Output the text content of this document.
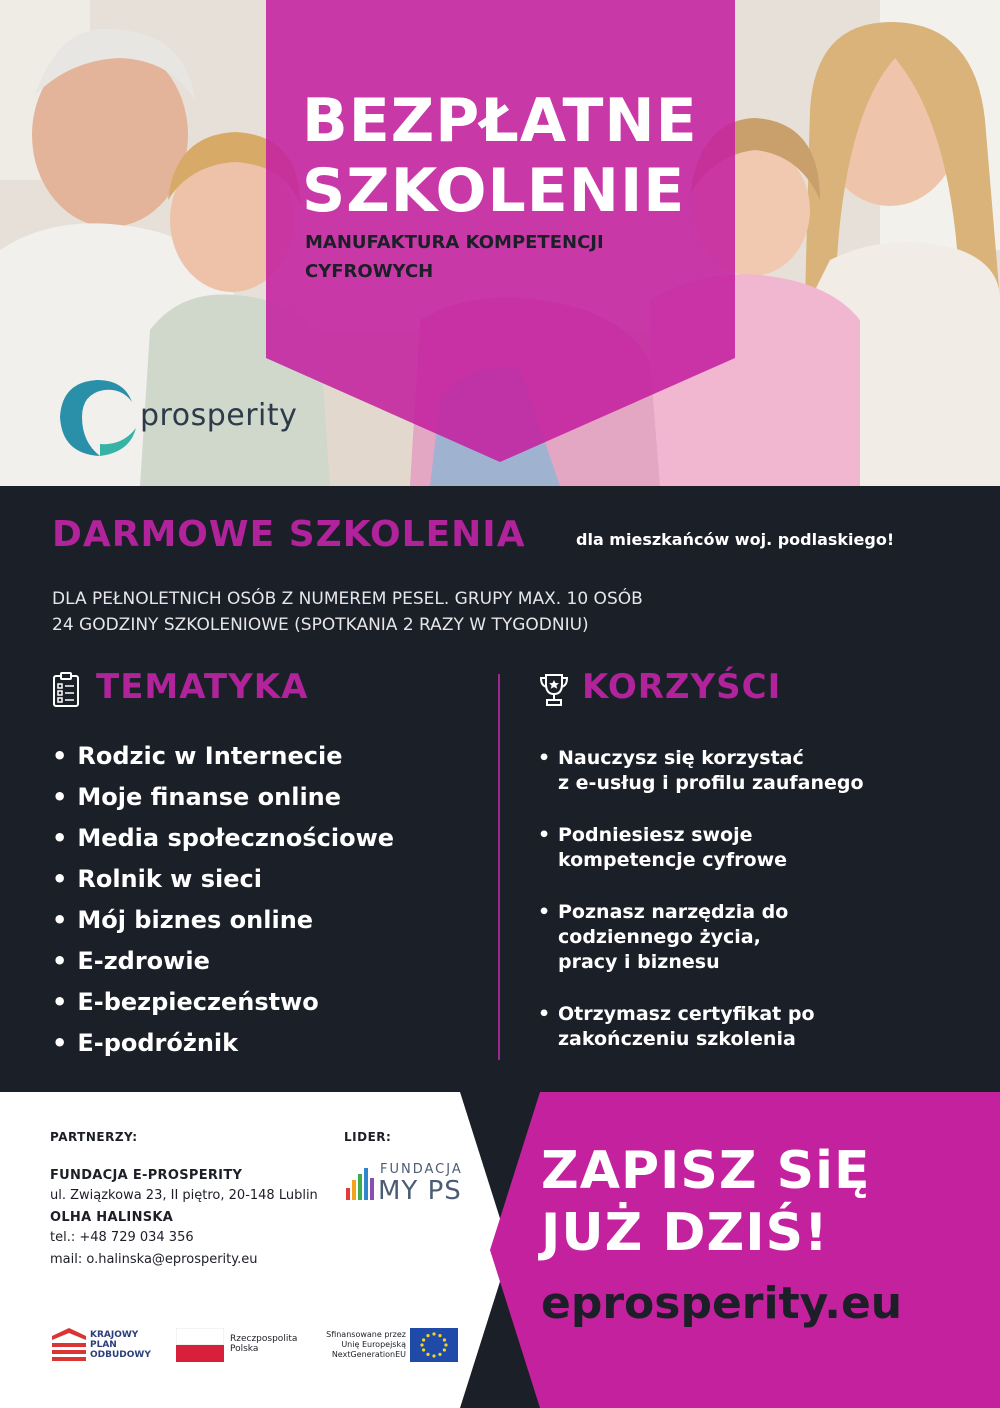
BEZPŁATNE
SZKOLENIE
MANUFAKTURA KOMPETENCJI
CYFROWYCH
prosperity
DARMOWE SZKOLENIA	dla mieszkańców woj. podlaskiego!
DLA PEŁNOLETNICH OSÓB Z NUMEREM PESEL. GRUPY MAX. 10 OSÓB
24 GODZINY SZKOLENIOWE (SPOTKANIA 2 RAZY W TYGODNIU)
TEMATYKA	KORZYŚCI
• Rodzic w Internecie
• Moje finanse online
• Media społecznościowe
• Rolnik w sieci
• Mój biznes online
• E-zdrowie
• E-bezpieczeństwo
• E-podróżnik
• Nauczysz się korzystać
z e-usług i profilu zaufanego
• Podniesiesz swoje
kompetencje cyfrowe
• Poznasz narzędzia do
codziennego życia,
pracy i biznesu
• Otrzymasz certyfikat po
zakończeniu szkolenia
PARTNERZY:	LIDER:
FUNDACJA E-PROSPERITY
ul. Związkowa 23, II piętro, 20-148 Lublin
OLHA HALINSKA
tel.: +48 729 034 356
mail: o.halinska@eprosperity.eu
FUNDACJA
MY PS ZAPISZ SiĘ
JUŻ DZIŚ!
eprosperity.eu
KRAJOWY
PLAN
ODBUDOWY
Rzeczpospolita
Polska
Sfinansowane przez
Unię Europejską
NextGenerationEU
